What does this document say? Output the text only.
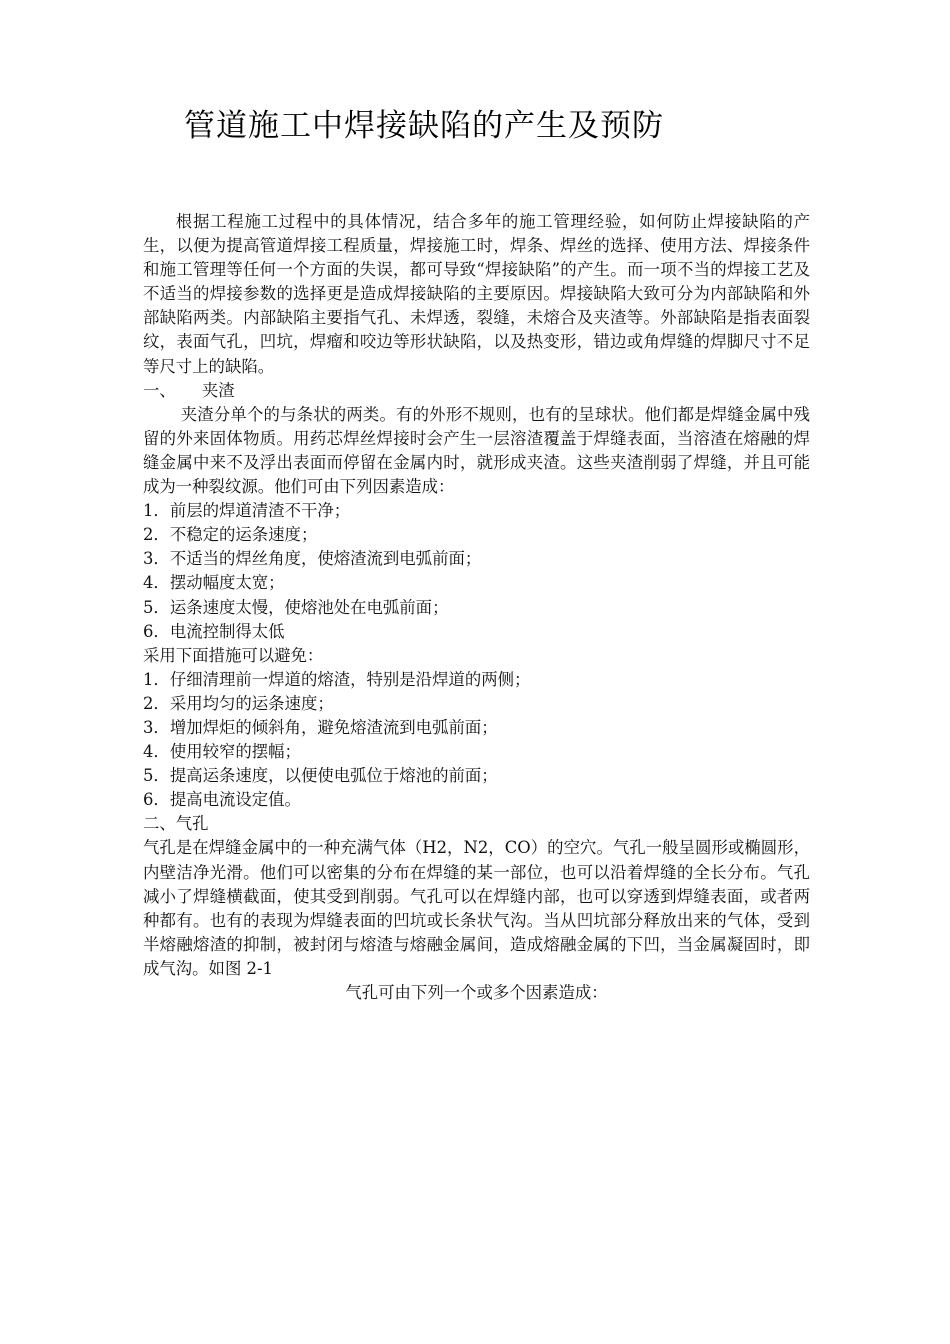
管道施工中焊接缺陷的产生及预防

根据工程施工过程中的具体情况，结合多年的施工管理经验，如何防止焊接缺陷的产生，以便为提高管道焊接工程质量，焊接施工时，焊条、焊丝的选择、使用方法、焊接条件和施工管理等任何一个方面的失误，都可导致“焊接缺陷”的产生。而一项不当的焊接工艺及不适当的焊接参数的选择更是造成焊接缺陷的主要原因。焊接缺陷大致可分为内部缺陷和外部缺陷两类。内部缺陷主要指气孔、未焊透，裂缝，未熔合及夹渣等。外部缺陷是指表面裂纹，表面气孔，凹坑，焊瘤和咬边等形状缺陷，以及热变形，错边或角焊缝的焊脚尺寸不足等尺寸上的缺陷。

一、     夹渣

夹渣分单个的与条状的两类。有的外形不规则，也有的呈球状。他们都是焊缝金属中残留的外来固体物质。用药芯焊丝焊接时会产生一层溶渣覆盖于焊缝表面，当溶渣在熔融的焊缝金属中来不及浮出表面而停留在金属内时，就形成夹渣。这些夹渣削弱了焊缝，并且可能成为一种裂纹源。他们可由下列因素造成：

1．前层的焊道清渣不干净；

2．不稳定的运条速度；

3．不适当的焊丝角度，使熔渣流到电弧前面；

4．摆动幅度太宽；

5．运条速度太慢，使熔池处在电弧前面；

6．电流控制得太低

采用下面措施可以避免：

1．仔细清理前一焊道的熔渣，特别是沿焊道的两侧；

2．采用均匀的运条速度；

3．增加焊炬的倾斜角，避免熔渣流到电弧前面；

4．使用较窄的摆幅；

5．提高运条速度，以便使电弧位于熔池的前面；

6．提高电流设定值。

二、气孔

气孔是在焊缝金属中的一种充满气体（H2，N2，CO）的空穴。气孔一般呈圆形或椭圆形，内壁洁净光滑。他们可以密集的分布在焊缝的某一部位，也可以沿着焊缝的全长分布。气孔减小了焊缝横截面，使其受到削弱。气孔可以在焊缝内部，也可以穿透到焊缝表面，或者两种都有。也有的表现为焊缝表面的凹坑或长条状气沟。当从凹坑部分释放出来的气体，受到半熔融熔渣的抑制，被封闭与熔渣与熔融金属间，造成熔融金属的下凹，当金属凝固时，即成气沟。如图 2-1

气孔可由下列一个或多个因素造成：
